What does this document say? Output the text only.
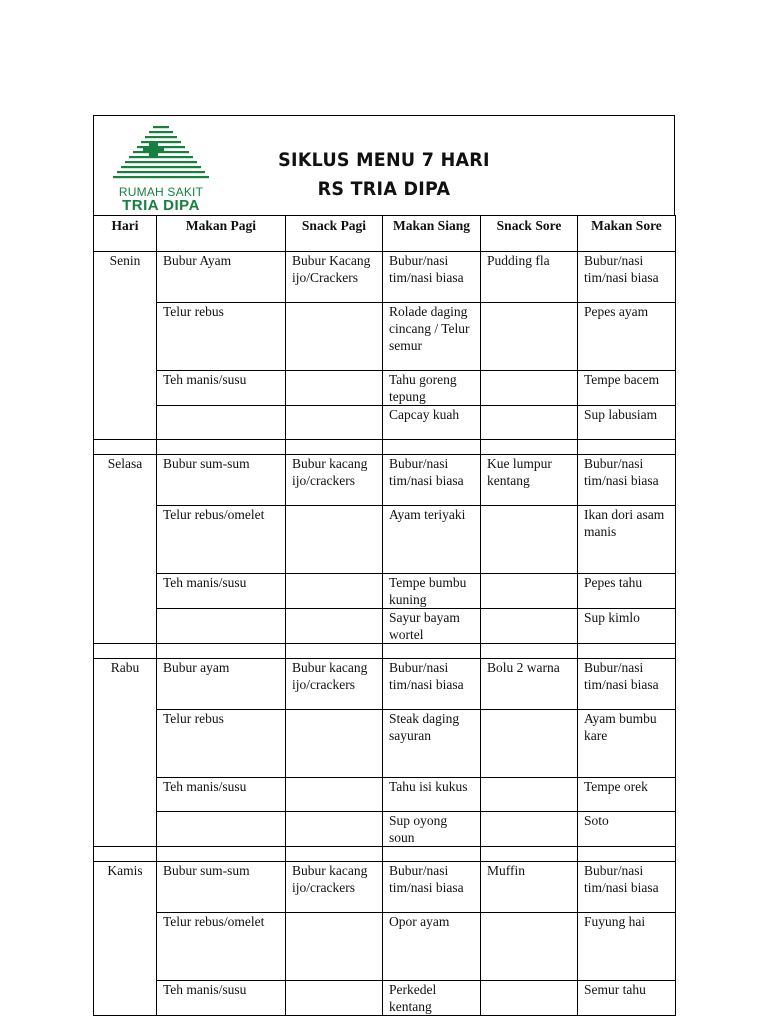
RUMAH SAKIT
TRIA DIPA
SIKLUS MENU 7 HARI
RS TRIA DIPA
Hari	Makan Pagi	Snack Pagi	Makan Siang	Snack Sore	Makan Sore
Senin	Bubur Ayam	Bubur Kacang ijo/Crackers	Bubur/nasi tim/nasi biasa	Pudding fla	Bubur/nasi tim/nasi biasa
	Telur rebus		Rolade daging cincang / Telur semur		Pepes ayam
	Teh manis/susu		Tahu goreng tepung		Tempe bacem
			Capcay kuah		Sup labusiam

Selasa	Bubur sum-sum	Bubur kacang ijo/crackers	Bubur/nasi tim/nasi biasa	Kue lumpur kentang	Bubur/nasi tim/nasi biasa
	Telur rebus/omelet		Ayam teriyaki		Ikan dori asam manis
	Teh manis/susu		Tempe bumbu kuning		Pepes tahu
			Sayur bayam wortel		Sup kimlo

Rabu	Bubur ayam	Bubur kacang ijo/crackers	Bubur/nasi tim/nasi biasa	Bolu 2 warna	Bubur/nasi tim/nasi biasa
	Telur rebus		Steak daging sayuran		Ayam bumbu kare
	Teh manis/susu		Tahu isi kukus		Tempe orek
			Sup oyong soun		Soto

Kamis	Bubur sum-sum	Bubur kacang ijo/crackers	Bubur/nasi tim/nasi biasa	Muffin	Bubur/nasi tim/nasi biasa
	Telur rebus/omelet		Opor ayam		Fuyung hai
	Teh manis/susu		Perkedel kentang		Semur tahu
